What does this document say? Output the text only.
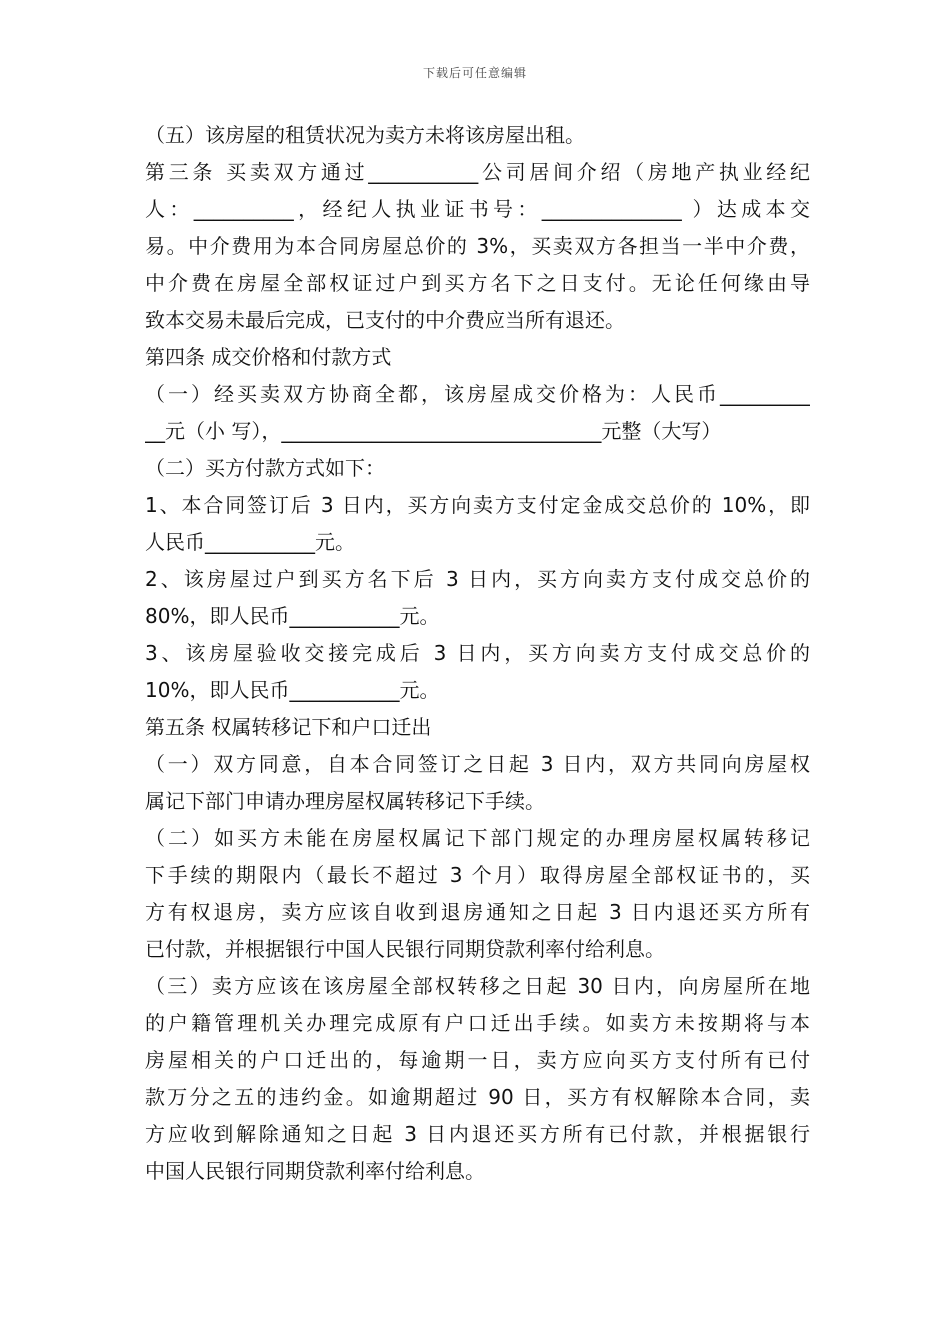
下载后可任意编辑
（五）该房屋的租赁状况为卖方未将该房屋出租。
第三条 买卖双方通过___________公司居间介绍（房地产执业经纪
人：__________，经纪人执业证书号：______________ ）达成本交
易。中介费用为本合同房屋总价的 3%，买卖双方各担当一半中介费，
中介费在房屋全部权证过户到买方名下之日支付。无论任何缘由导
致本交易未最后完成，已支付的中介费应当所有退还。
第四条 成交价格和付款方式
（一）经买卖双方协商全都，该房屋成交价格为：人民币_________
__元（小 写），________________________________元整（大写）
（二）买方付款方式如下：
1、本合同签订后 3 日内，买方向卖方支付定金成交总价的 10%，即
人民币___________元。
2、该房屋过户到买方名下后 3 日内，买方向卖方支付成交总价的
80%，即人民币___________元。
3、该房屋验收交接完成后 3 日内，买方向卖方支付成交总价的
10%，即人民币___________元。
第五条 权属转移记下和户口迁出
（一）双方同意，自本合同签订之日起 3 日内，双方共同向房屋权
属记下部门申请办理房屋权属转移记下手续。
（二）如买方未能在房屋权属记下部门规定的办理房屋权属转移记
下手续的期限内（最长不超过 3 个月）取得房屋全部权证书的，买
方有权退房，卖方应该自收到退房通知之日起 3 日内退还买方所有
已付款，并根据银行中国人民银行同期贷款利率付给利息。
（三）卖方应该在该房屋全部权转移之日起 30 日内，向房屋所在地
的户籍管理机关办理完成原有户口迁出手续。如卖方未按期将与本
房屋相关的户口迁出的，每逾期一日，卖方应向买方支付所有已付
款万分之五的违约金。如逾期超过 90 日，买方有权解除本合同，卖
方应收到解除通知之日起 3 日内退还买方所有已付款，并根据银行
中国人民银行同期贷款利率付给利息。
